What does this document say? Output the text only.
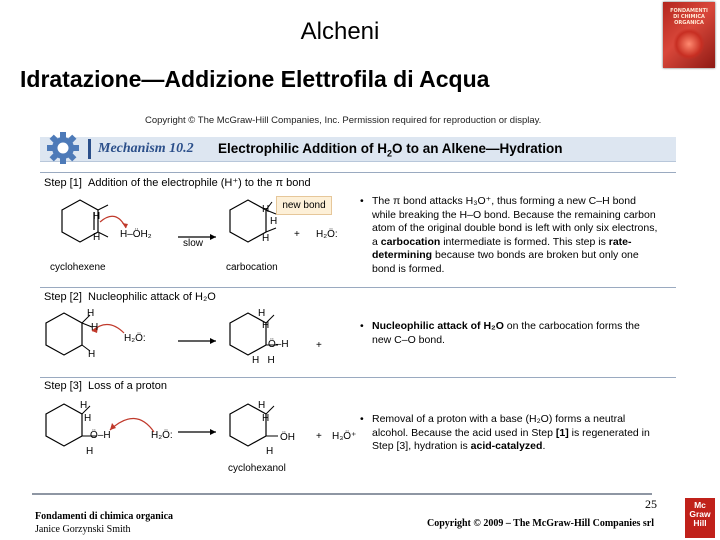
Alcheni
Idratazione—Addizione Elettrofila di Acqua
FONDAMENTI DI CHIMICA ORGANICA
Copyright © The McGraw-Hill Companies, Inc. Permission required for reproduction or display.
Mechanism 10.2 Electrophilic Addition of $H_2O$ to an Alkene—Hydration
Step [1] Addition of the electrophile (H⁺) to the π bond
H
H H–ÖH₂
slow
H
H
H + H₂Ö:
new bond
cyclohexene	carbocation
• The π bond attacks H₃O⁺, thus forming a new C–H bond while breaking the H–O bond. Because the remaining carbon atom of the original double bond is left with only six electrons, a carbocation intermediate is formed. This step is rate-determining because two bonds are broken but only one bond is formed.
Step [2] Nucleophilic attack of H₂O
H
H
H
H₂Ö:
H
H
Ö–H
H   H
+
• Nucleophilic attack of H₂O on the carbocation forms the new C–O bond.
Step [3] Loss of a proton
H
H
Ö–H
H
H₂Ö:
H
H
ÖH
H
+ H₃Ö⁺
cyclohexanol
• Removal of a proton with a base (H₂O) forms a neutral alcohol. Because the acid used in Step [1] is regenerated in Step [3], hydration is acid-catalyzed.
25
Fondamenti di chimica organica
Janice Gorzynski Smith
Copyright © 2009 – The McGraw-Hill Companies srl
Mc
Graw
Hill
